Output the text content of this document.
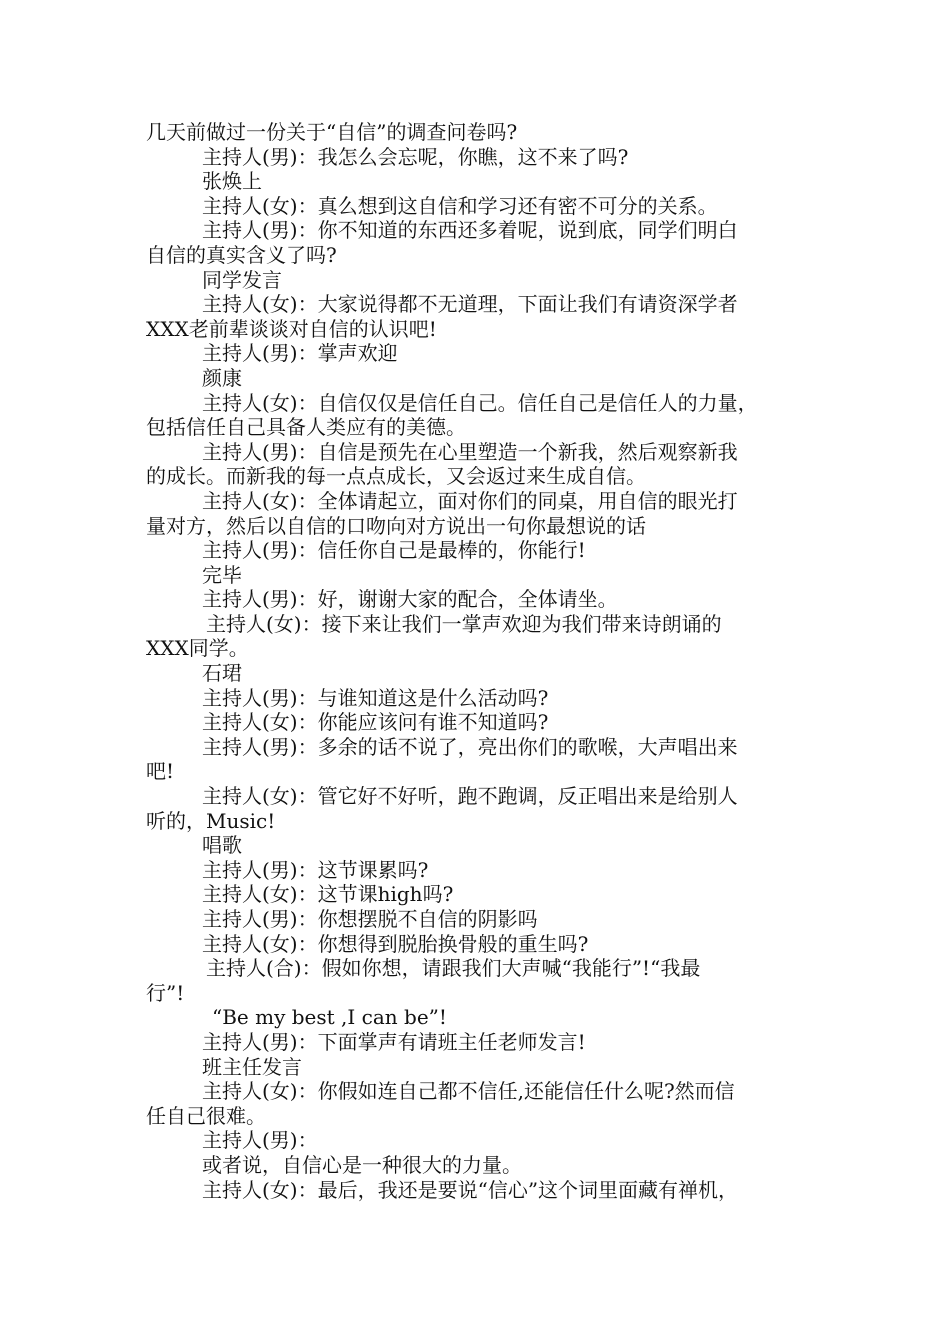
几天前做过一份关于“自信”的调查问卷吗?
主持人(男)：我怎么会忘呢，你瞧，这不来了吗?
张焕上
主持人(女)：真么想到这自信和学习还有密不可分的关系。
主持人(男)：你不知道的东西还多着呢，说到底，同学们明白
自信的真实含义了吗?
同学发言
主持人(女)：大家说得都不无道理，下面让我们有请资深学者
XXX老前辈谈谈对自信的认识吧!
主持人(男)：掌声欢迎
颜康
主持人(女)：自信仅仅是信任自己。信任自己是信任人的力量，
包括信任自己具备人类应有的美德。
主持人(男)：自信是预先在心里塑造一个新我，然后观察新我
的成长。而新我的每一点点成长，又会返过来生成自信。
主持人(女)：全体请起立，面对你们的同桌，用自信的眼光打
量对方，然后以自信的口吻向对方说出一句你最想说的话
主持人(男)：信任你自己是最棒的，你能行!
完毕
主持人(男)：好，谢谢大家的配合，全体请坐。
主持人(女)：接下来让我们一掌声欢迎为我们带来诗朗诵的
XXX同学。
石珺
主持人(男)：与谁知道这是什么活动吗?
主持人(女)：你能应该问有谁不知道吗?
主持人(男)：多余的话不说了，亮出你们的歌喉，大声唱出来
吧!
主持人(女)：管它好不好听，跑不跑调，反正唱出来是给别人
听的，Music!
唱歌
主持人(男)：这节课累吗?
主持人(女)：这节课high吗?
主持人(男)：你想摆脱不自信的阴影吗
主持人(女)：你想得到脱胎换骨般的重生吗?
主持人(合)：假如你想，请跟我们大声喊“我能行”!“我最
行”!
“Be my best ,I can be”!
主持人(男)：下面掌声有请班主任老师发言!
班主任发言
主持人(女)：你假如连自己都不信任,还能信任什么呢?然而信
任自己很难。
主持人(男)：
或者说，自信心是一种很大的力量。
主持人(女)：最后，我还是要说“信心”这个词里面藏有禅机，
